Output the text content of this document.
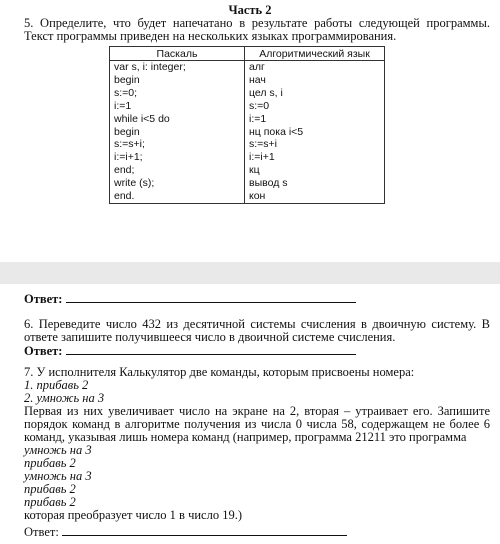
Часть 2
5. Определите, что будет напечатано в результате работы следующей программы. Текст программы приведен на нескольких языках программирования.
Паскаль	Алгоритмический язык
var s, i: integer;	алг
begin	нач
s:=0;	цел s, i
i:=1	s:=0
while i<5 do	i:=1
begin	нц пока i<5
s:=s+i;	s:=s+i
i:=i+1;	i:=i+1
end;	кц
write (s);	вывод s
end.	кон
Ответ:
6. Переведите число 432 из десятичной системы счисления в двоичную систему. В ответе запишите получившееся число в двоичной системе счисления.
Ответ:
7. У исполнителя Калькулятор две команды, которым присвоены номера:
1. прибавь 2
2. умножь на 3
Первая из них увеличивает число на экране на 2, вторая – утраивает его. Запишите порядок команд в алгоритме получения из числа 0 числа 58, содержащем не более 6 команд, указывая лишь номера команд (например, программа 21211 это программа
умножь на 3
прибавь 2
умножь на 3
прибавь 2
прибавь 2
которая преобразует число 1 в число 19.)
Ответ:
